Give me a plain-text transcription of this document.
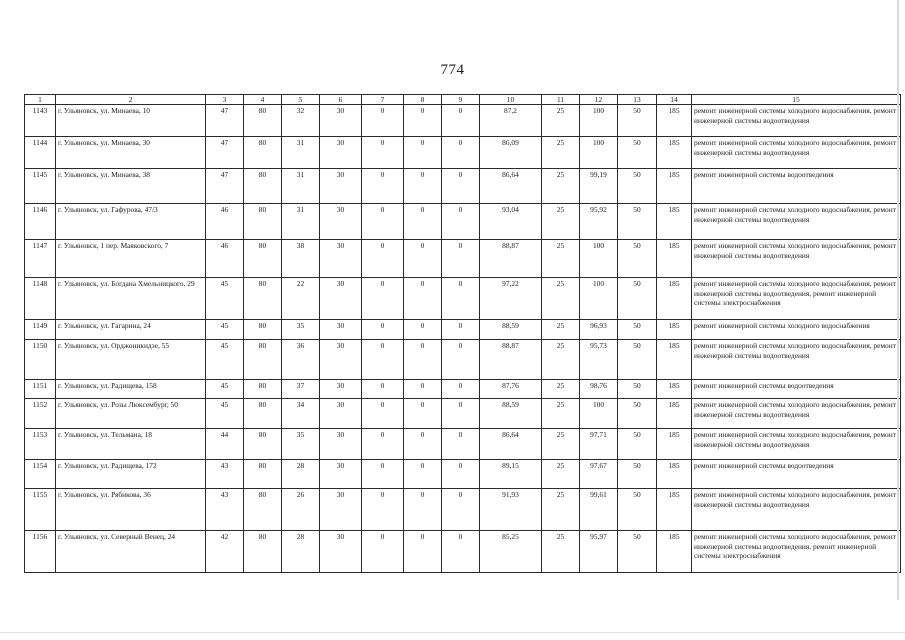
774
1	2	3	4	5	6	7	8	9	10	11	12	13	14	15
1143	г. Ульяновск, ул. Минаева, 10	47	80	32	30	0	0	0	87,2	25	100	50	185	ремонт инженерной системы холодного водоснабжения, ремонт инженерной системы водоотведения
1144	г. Ульяновск, ул. Минаева, 30	47	80	31	30	0	0	0	86,09	25	100	50	185	ремонт инженерной системы холодного водоснабжения, ремонт инженерной системы водоотведения
1145	г. Ульяновск, ул. Минаева, 38	47	80	31	30	0	0	0	86,64	25	99,19	50	185	ремонт инженерной системы водоотведения
1146	г. Ульяновск, ул. Гафурова, 47/3	46	80	31	30	0	0	0	93,04	25	95,92	50	185	ремонт инженерной системы холодного водоснабжения, ремонт инженерной системы водоотведения
1147	г. Ульяновск, 1 пер. Маяковского, 7	46	80	38	30	0	0	0	88,87	25	100	50	185	ремонт инженерной системы холодного водоснабжения, ремонт инженерной системы водоотведения
1148	г. Ульяновск, ул. Богдана Хмельницкого, 29	45	80	22	30	0	0	0	97,22	25	100	50	185	ремонт инженерной системы холодного водоснабжения, ремонт инженерной системы водоотведения, ремонт инженерной системы электроснабжения
1149	г. Ульяновск, ул. Гагарина, 24	45	80	35	30	0	0	0	88,59	25	96,93	50	185	ремонт инженерной системы холодного водоснабжения
1150	г. Ульяновск, ул. Орджоникидзе, 55	45	80	36	30	0	0	0	88,87	25	95,73	50	185	ремонт инженерной системы холодного водоснабжения, ремонт инженерной системы водоотведения
1151	г. Ульяновск, ул. Радищева, 158	45	80	37	30	0	0	0	87,76	25	98,76	50	185	ремонт инженерной системы водоотведения
1152	г. Ульяновск, ул. Розы Люксембург, 50	45	80	34	30	0	0	0	88,59	25	100	50	185	ремонт инженерной системы холодного водоснабжения, ремонт инженерной системы водоотведения
1153	г. Ульяновск, ул. Тельмана, 18	44	80	35	30	0	0	0	86,64	25	97,71	50	185	ремонт инженерной системы холодного водоснабжения, ремонт инженерной системы водоотведения
1154	г. Ульяновск, ул. Радищева, 172	43	80	28	30	0	0	0	89,15	25	97,67	50	185	ремонт инженерной системы водоотведения
1155	г. Ульяновск, ул. Рябикова, 36	43	80	26	30	0	0	0	91,93	25	99,61	50	185	ремонт инженерной системы холодного водоснабжения, ремонт инженерной системы водоотведения
1156	г. Ульяновск, ул. Северный Венец, 24	42	80	28	30	0	0	0	85,25	25	95,97	50	185	ремонт инженерной системы холодного водоснабжения, ремонт инженерной системы водоотведения, ремонт инженерной системы электроснабжения
